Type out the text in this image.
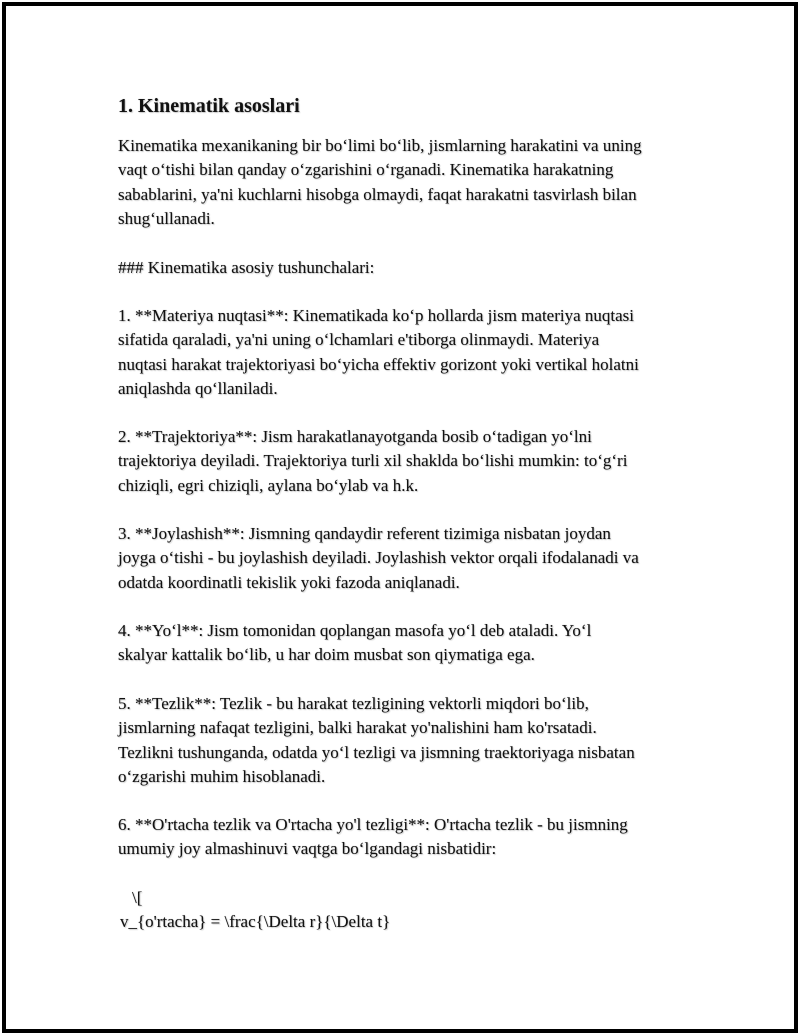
1. Kinematik asoslari

Kinematika mexanikaning bir bo‘limi bo‘lib, jismlarning harakatini va uning
vaqt o‘tishi bilan qanday o‘zgarishini o‘rganadi. Kinematika harakatning
sabablarini, ya'ni kuchlarni hisobga olmaydi, faqat harakatni tasvirlash bilan
shug‘ullanadi.

### Kinematika asosiy tushunchalari:

1. **Materiya nuqtasi**: Kinematikada ko‘p hollarda jism materiya nuqtasi
sifatida qaraladi, ya'ni uning o‘lchamlari e'tiborga olinmaydi. Materiya
nuqtasi harakat trajektoriyasi bo‘yicha effektiv gorizont yoki vertikal holatni
aniqlashda qo‘llaniladi.

2. **Trajektoriya**: Jism harakatlanayotganda bosib o‘tadigan yo‘lni
trajektoriya deyiladi. Trajektoriya turli xil shaklda bo‘lishi mumkin: to‘g‘ri
chiziqli, egri chiziqli, aylana bo‘ylab va h.k.

3. **Joylashish**: Jismning qandaydir referent tizimiga nisbatan joydan
joyga o‘tishi - bu joylashish deyiladi. Joylashish vektor orqali ifodalanadi va
odatda koordinatli tekislik yoki fazoda aniqlanadi.

4. **Yo‘l**: Jism tomonidan qoplangan masofa yo‘l deb ataladi. Yo‘l
skalyar kattalik bo‘lib, u har doim musbat son qiymatiga ega.

5. **Tezlik**: Tezlik - bu harakat tezligining vektorli miqdori bo‘lib,
jismlarning nafaqat tezligini, balki harakat yo'nalishini ham ko'rsatadi.
Tezlikni tushunganda, odatda yo‘l tezligi va jismning traektoriyaga nisbatan
o‘zgarishi muhim hisoblanadi.

6. **O'rtacha tezlik va O'rtacha yo'l tezligi**: O'rtacha tezlik - bu jismning
umumiy joy almashinuvi vaqtga bo‘lgandagi nisbatidir:

\[
v_{o'rtacha} = \frac{\Delta r}{\Delta t}
